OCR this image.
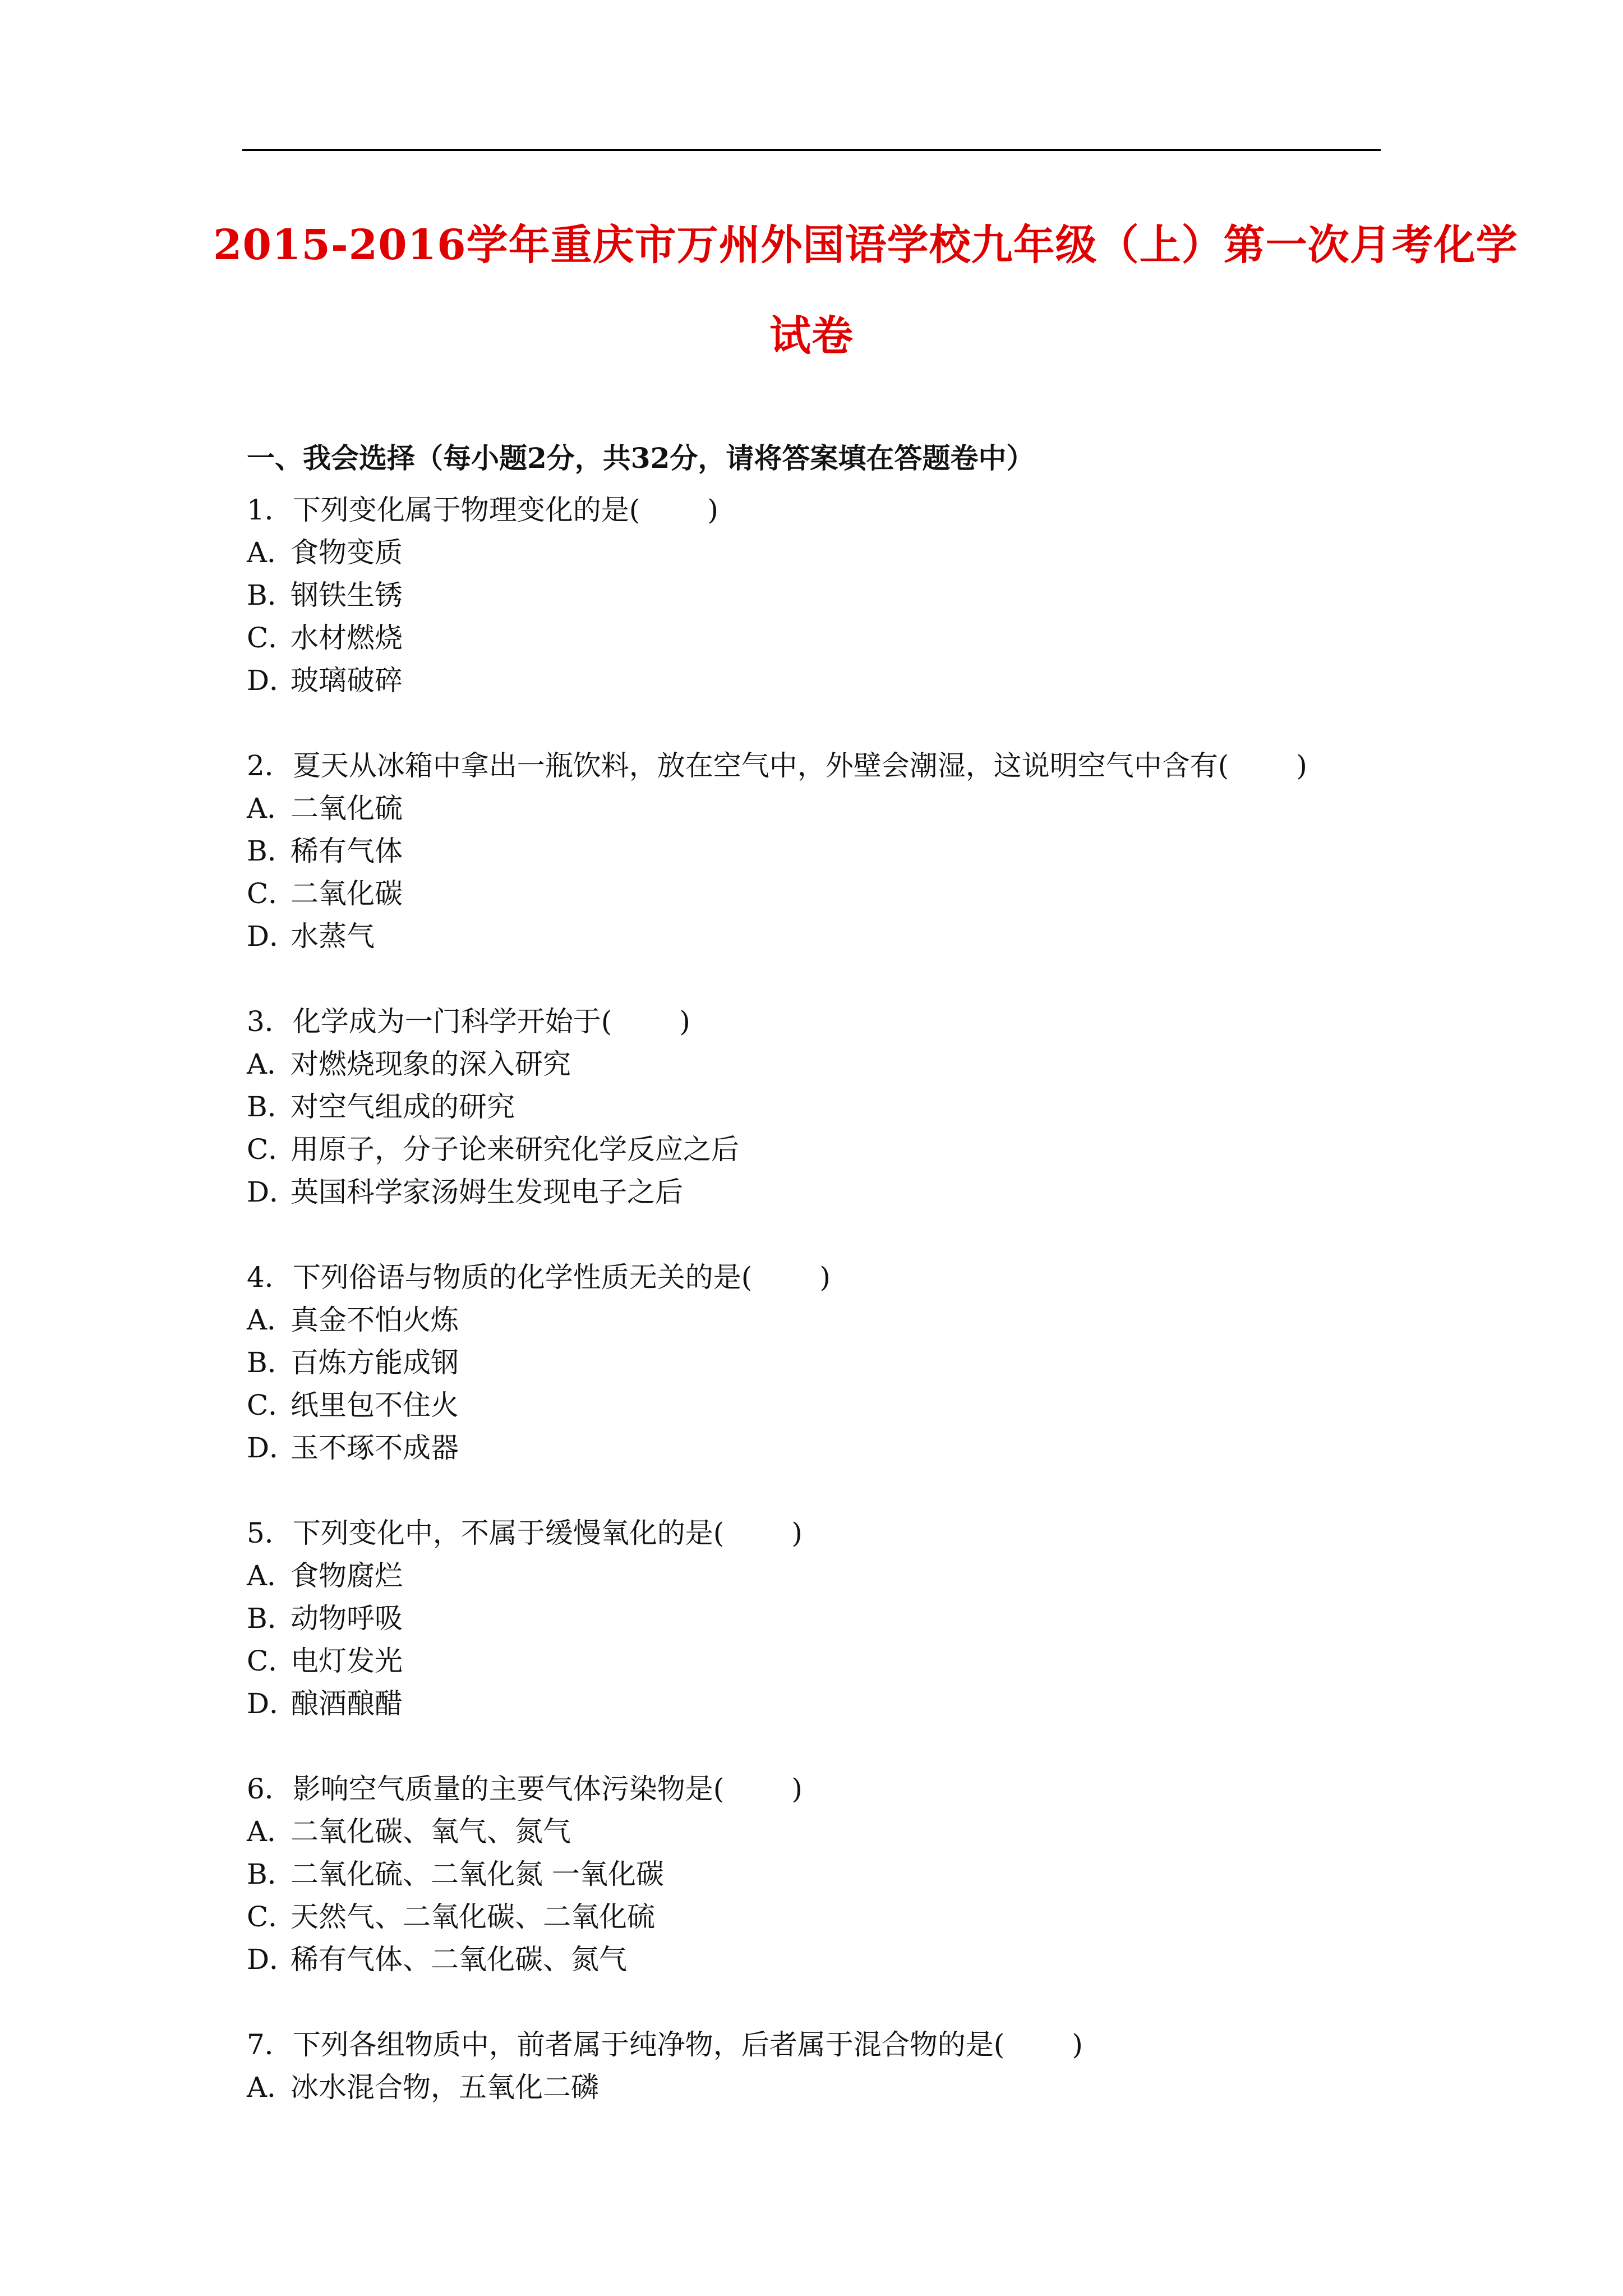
2015-2016学年重庆市万州外国语学校九年级（上）第一次月考化学
试卷
一、我会选择（每小题2分，共32分，请将答案填在答题卷中）
1．下列变化属于物理变化的是( )
A．食物变质
B．钢铁生锈
C．水材燃烧
D．玻璃破碎
2．夏天从冰箱中拿出一瓶饮料，放在空气中，外壁会潮湿，这说明空气中含有( )
A．二氧化硫
B．稀有气体
C．二氧化碳
D．水蒸气
3．化学成为一门科学开始于( )
A．对燃烧现象的深入研究
B．对空气组成的研究
C．用原子，分子论来研究化学反应之后
D．英国科学家汤姆生发现电子之后
4．下列俗语与物质的化学性质无关的是( )
A．真金不怕火炼
B．百炼方能成钢
C．纸里包不住火
D．玉不琢不成器
5．下列变化中，不属于缓慢氧化的是( )
A．食物腐烂
B．动物呼吸
C．电灯发光
D．酿酒酿醋
6．影响空气质量的主要气体污染物是( )
A．二氧化碳、氧气、氮气
B．二氧化硫、二氧化氮 一氧化碳
C．天然气、二氧化碳、二氧化硫
D．稀有气体、二氧化碳、氮气
7．下列各组物质中，前者属于纯净物，后者属于混合物的是( )
A．冰水混合物，五氧化二磷
